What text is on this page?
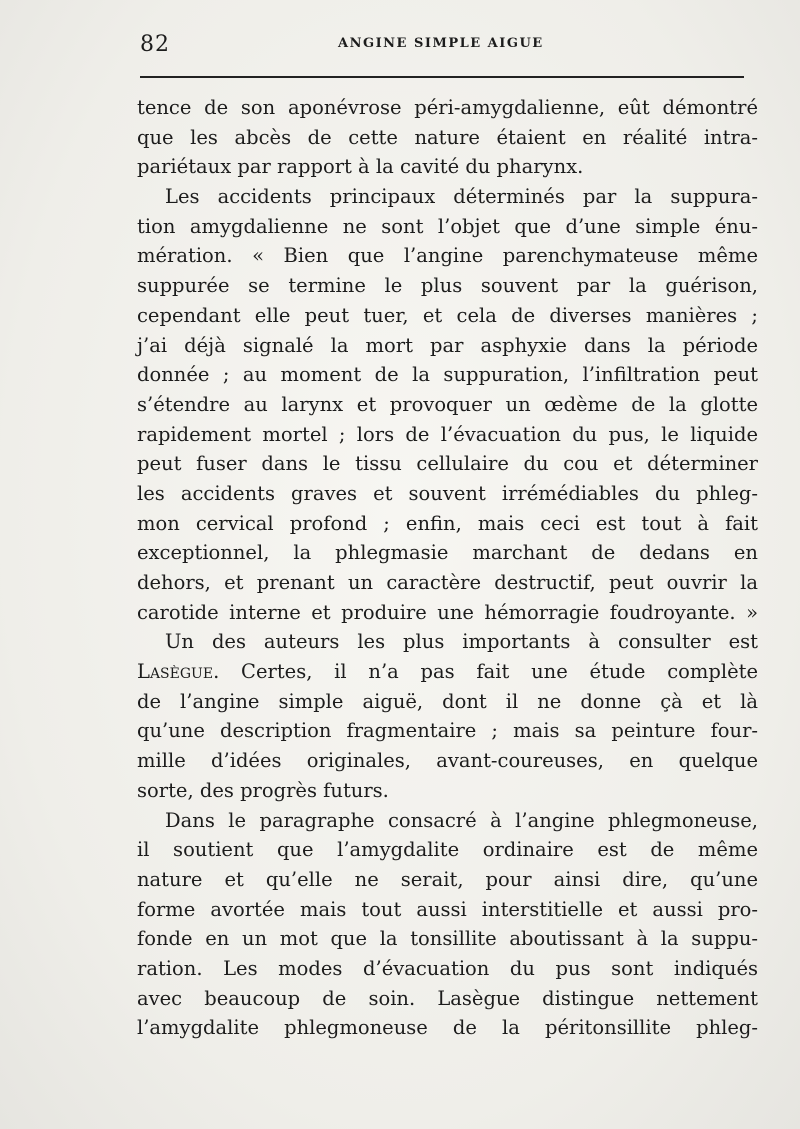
82	ANGINE SIMPLE AIGUE
tence de son aponévrose péri-amygdalienne, eût démontré
que les abcès de cette nature étaient en réalité intra-
pariétaux par rapport à la cavité du pharynx.
Les accidents principaux déterminés par la suppura-
tion amygdalienne ne sont l’objet que d’une simple énu-
mération. « Bien que l’angine parenchymateuse même
suppurée se termine le plus souvent par la guérison,
cependant elle peut tuer, et cela de diverses manières ;
j’ai déjà signalé la mort par asphyxie dans la période
donnée ; au moment de la suppuration, l’infiltration peut
s’étendre au larynx et provoquer un œdème de la glotte
rapidement mortel ; lors de l’évacuation du pus, le liquide
peut fuser dans le tissu cellulaire du cou et déterminer
les accidents graves et souvent irrémédiables du phleg-
mon cervical profond ; enfin, mais ceci est tout à fait
exceptionnel, la phlegmasie marchant de dedans en
dehors, et prenant un caractère destructif, peut ouvrir la
carotide interne et produire une hémorragie foudroyante. »
Un des auteurs les plus importants à consulter est
Lasègue. Certes, il n’a pas fait une étude complète
de l’angine simple aiguë, dont il ne donne çà et là
qu’une description fragmentaire ; mais sa peinture four-
mille d’idées originales, avant-coureuses, en quelque
sorte, des progrès futurs.
Dans le paragraphe consacré à l’angine phlegmoneuse,
il soutient que l’amygdalite ordinaire est de même
nature et qu’elle ne serait, pour ainsi dire, qu’une
forme avortée mais tout aussi interstitielle et aussi pro-
fonde en un mot que la tonsillite aboutissant à la suppu-
ration. Les modes d’évacuation du pus sont indiqués
avec beaucoup de soin. Lasègue distingue nettement
l’amygdalite phlegmoneuse de la péritonsillite phleg-
